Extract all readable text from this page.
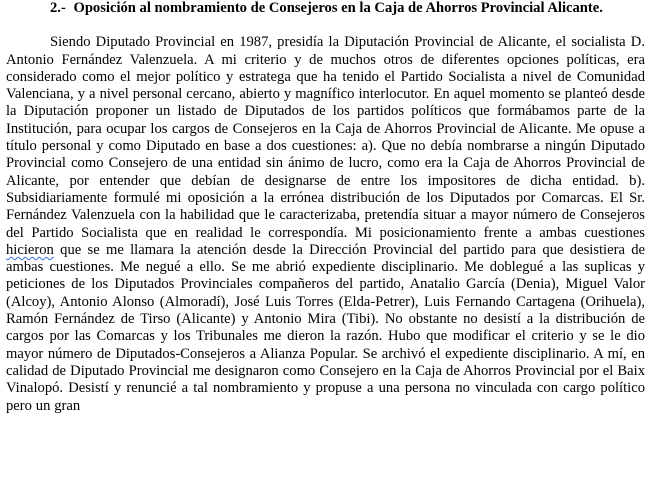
2.- Oposición al nombramiento de Consejeros en la Caja de Ahorros Provincial Alicante.

Siendo Diputado Provincial en 1987, presidía la Diputación Provincial de Alicante, el socialista D. Antonio Fernández Valenzuela. A mi criterio y de muchos otros de diferentes opciones políticas, era considerado como el mejor político y estratega que ha tenido el Partido Socialista a nivel de Comunidad Valenciana, y a nivel personal cercano, abierto y magnífico interlocutor. En aquel momento se planteó desde la Diputación proponer un listado de Diputados de los partidos políticos que formábamos parte de la Institución, para ocupar los cargos de Consejeros en la Caja de Ahorros Provincial de Alicante. Me opuse a título personal y como Diputado en base a dos cuestiones: a). Que no debía nombrarse a ningún Diputado Provincial como Consejero de una entidad sin ánimo de lucro, como era la Caja de Ahorros Provincial de Alicante, por entender que debían de designarse de entre los impositores de dicha entidad. b). Subsidiariamente formulé mi oposición a la errónea distribución de los Diputados por Comarcas. El Sr. Fernández Valenzuela con la habilidad que le caracterizaba, pretendía situar a mayor número de Consejeros del Partido Socialista que en realidad le correspondía. Mi posicionamiento frente a ambas cuestiones hicieron que se me llamara la atención desde la Dirección Provincial del partido para que desistiera de ambas cuestiones. Me negué a ello. Se me abrió expediente disciplinario. Me doblegué a las suplicas y peticiones de los Diputados Provinciales compañeros del partido, Anatalio García (Denia), Miguel Valor (Alcoy), Antonio Alonso (Almoradí), José Luis Torres (Elda-Petrer), Luis Fernando Cartagena (Orihuela), Ramón Fernández de Tirso (Alicante) y Antonio Mira (Tibi). No obstante no desistí a la distribución de cargos por las Comarcas y los Tribunales me dieron la razón. Hubo que modificar el criterio y se le dio mayor número de Diputados-Consejeros a Alianza Popular. Se archivó el expediente disciplinario. A mí, en calidad de Diputado Provincial me designaron como Consejero en la Caja de Ahorros Provincial por el Baix Vinalopó. Desistí y renuncié a tal nombramiento y propuse a una persona no vinculada con cargo político pero un gran
